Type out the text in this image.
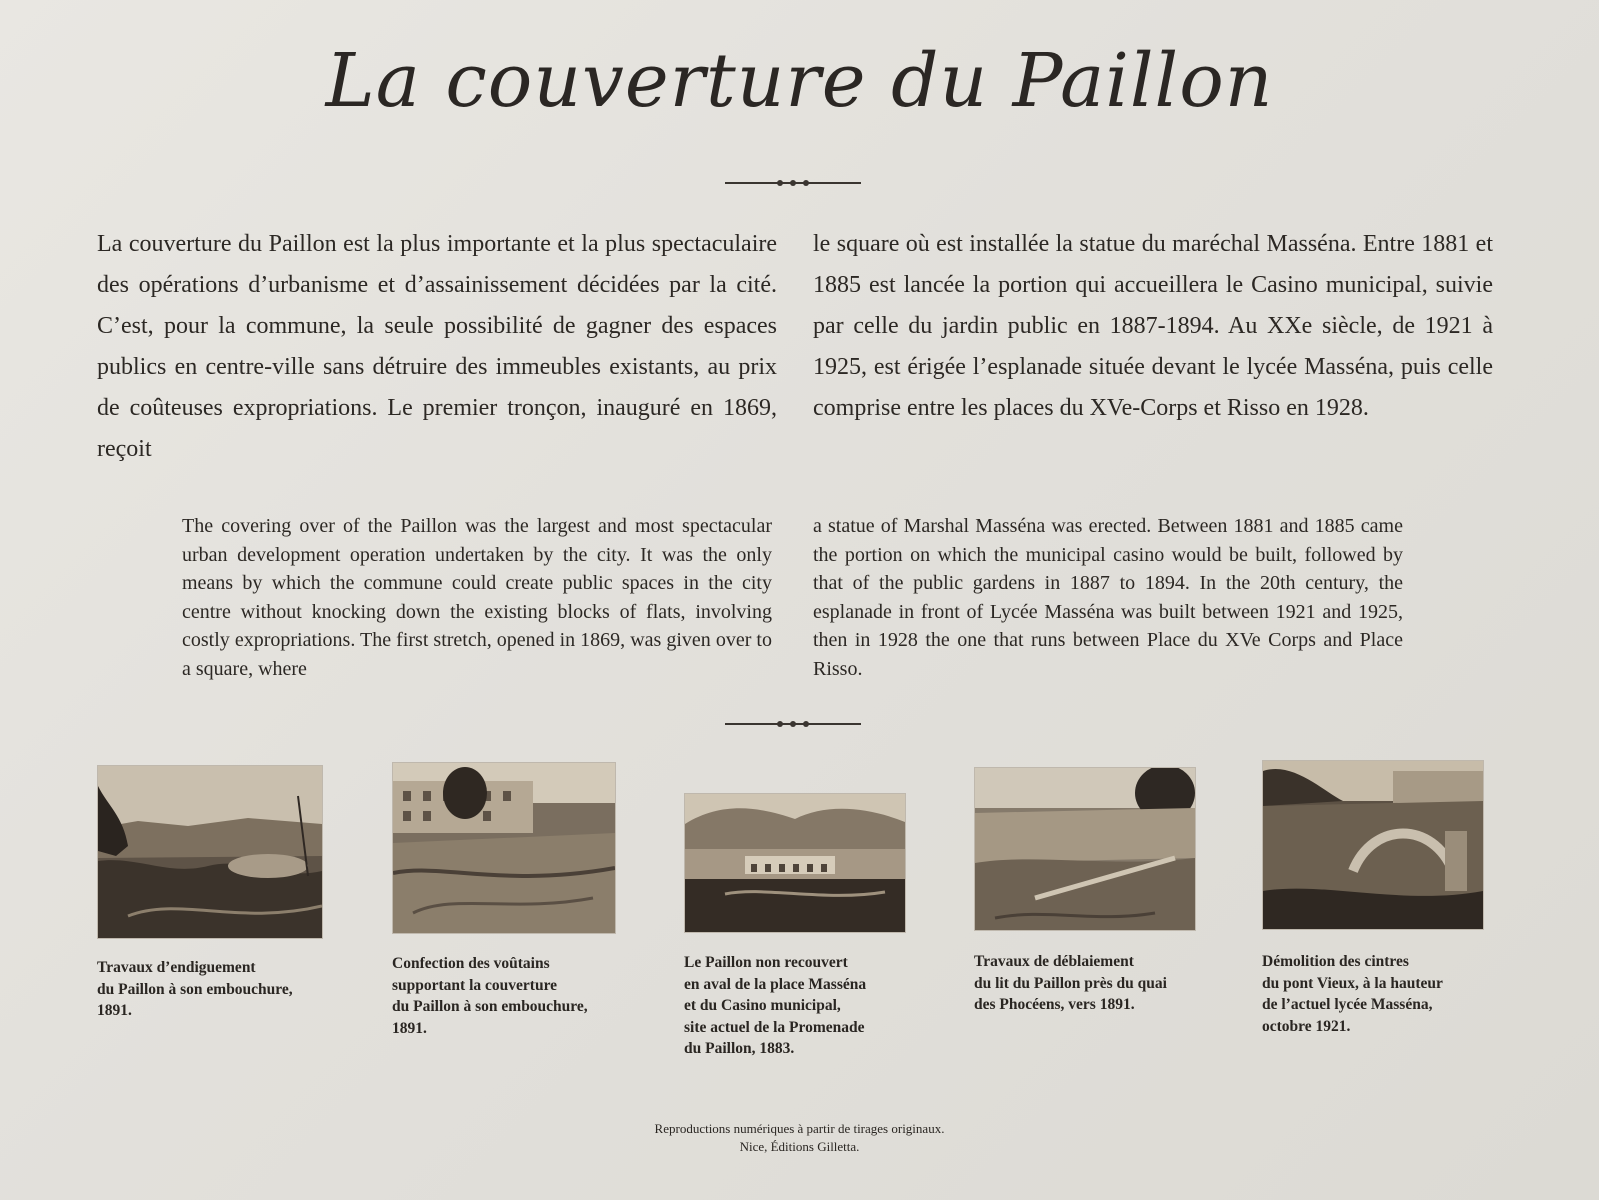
La couverture du Paillon

La couverture du Paillon est la plus importante et la plus spectaculaire des opérations d’urbanisme et d’assainissement décidées par la cité. C’est, pour la commune, la seule possibilité de gagner des espaces publics en centre-ville sans détruire des immeubles existants, au prix de coûteuses expropriations. Le premier tronçon, inauguré en 1869, reçoit

le square où est installée la statue du maréchal Masséna. Entre 1881 et 1885 est lancée la portion qui accueillera le Casino municipal, suivie par celle du jardin public en 1887-1894. Au XXe siècle, de 1921 à 1925, est érigée l’esplanade située devant le lycée Masséna, puis celle comprise entre les places du XVe-Corps et Risso en 1928.

The covering over of the Paillon was the largest and most spectacular urban development operation undertaken by the city. It was the only means by which the commune could create public spaces in the city centre without knocking down the existing blocks of flats, involving costly expropriations. The first stretch, opened in 1869, was given over to a square, where

a statue of Marshal Masséna was erected. Between 1881 and 1885 came the portion on which the municipal casino would be built, followed by that of the public gardens in 1887 to 1894. In the 20th century, the esplanade in front of Lycée Masséna was built between 1921 and 1925, then in 1928 the one that runs between Place du XVe Corps and Place Risso.

Travaux d’endiguement
du Paillon à son embouchure,
1891.
Confection des voûtains
supportant la couverture
du Paillon à son embouchure,
1891.
Le Paillon non recouvert
en aval de la place Masséna
et du Casino municipal,
site actuel de la Promenade
du Paillon, 1883.
Travaux de déblaiement
du lit du Paillon près du quai
des Phocéens, vers 1891.
Démolition des cintres
du pont Vieux, à la hauteur
de l’actuel lycée Masséna,
octobre 1921.
Reproductions numériques à partir de tirages originaux.
Nice, Éditions Gilletta.
